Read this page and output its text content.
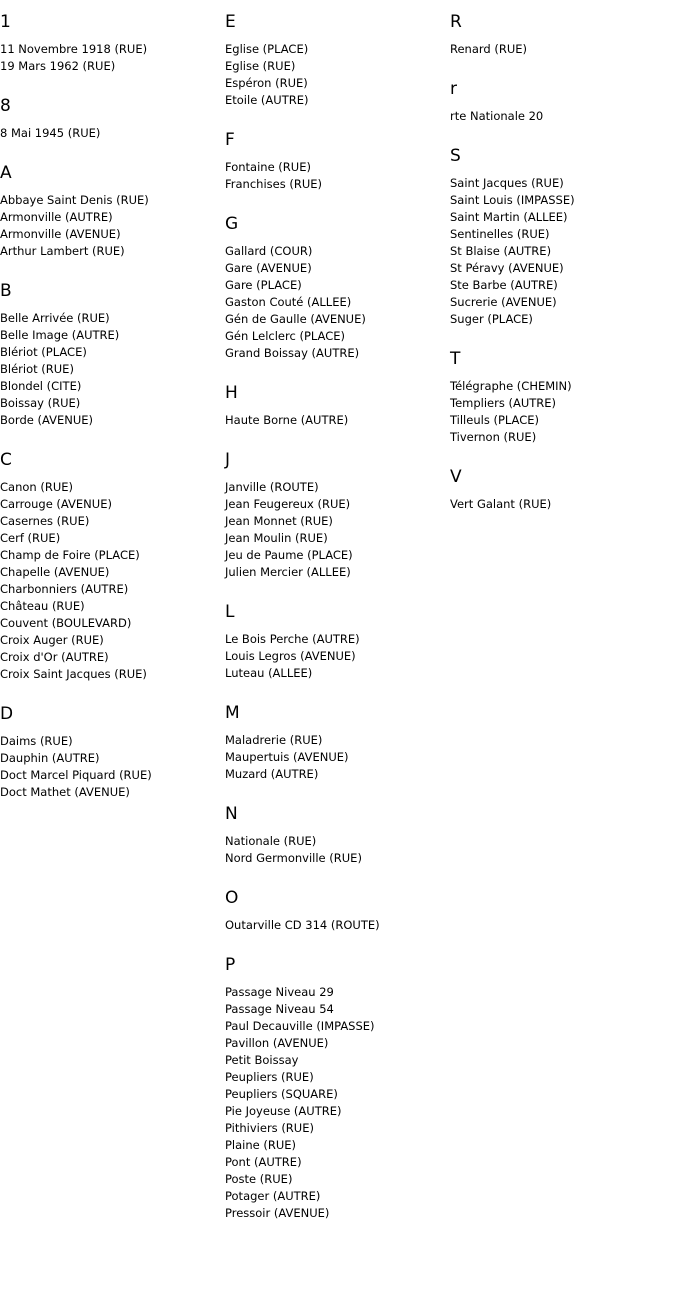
1
11 Novembre 1918 (RUE)
19 Mars 1962 (RUE)
8
8 Mai 1945 (RUE)
A
Abbaye Saint Denis (RUE)
Armonville (AUTRE)
Armonville (AVENUE)
Arthur Lambert (RUE)
B
Belle Arrivée (RUE)
Belle Image (AUTRE)
Blériot (PLACE)
Blériot (RUE)
Blondel (CITE)
Boissay (RUE)
Borde (AVENUE)
C
Canon (RUE)
Carrouge (AVENUE)
Casernes (RUE)
Cerf (RUE)
Champ de Foire (PLACE)
Chapelle (AVENUE)
Charbonniers (AUTRE)
Château (RUE)
Couvent (BOULEVARD)
Croix Auger (RUE)
Croix d'Or (AUTRE)
Croix Saint Jacques (RUE)
D
Daims (RUE)
Dauphin (AUTRE)
Doct Marcel Piquard (RUE)
Doct Mathet (AVENUE)
E
Eglise (PLACE)
Eglise (RUE)
Espéron (RUE)
Etoile (AUTRE)
F
Fontaine (RUE)
Franchises (RUE)
G
Gallard (COUR)
Gare (AVENUE)
Gare (PLACE)
Gaston Couté (ALLEE)
Gén de Gaulle (AVENUE)
Gén Lelclerc (PLACE)
Grand Boissay (AUTRE)
H
Haute Borne (AUTRE)
J
Janville (ROUTE)
Jean Feugereux (RUE)
Jean Monnet (RUE)
Jean Moulin (RUE)
Jeu de Paume (PLACE)
Julien Mercier (ALLEE)
L
Le Bois Perche (AUTRE)
Louis Legros (AVENUE)
Luteau (ALLEE)
M
Maladrerie (RUE)
Maupertuis (AVENUE)
Muzard (AUTRE)
N
Nationale (RUE)
Nord Germonville (RUE)
O
Outarville CD 314 (ROUTE)
P
Passage Niveau 29
Passage Niveau 54
Paul Decauville (IMPASSE)
Pavillon (AVENUE)
Petit Boissay
Peupliers (RUE)
Peupliers (SQUARE)
Pie Joyeuse (AUTRE)
Pithiviers (RUE)
Plaine (RUE)
Pont (AUTRE)
Poste (RUE)
Potager (AUTRE)
Pressoir (AVENUE)
R
Renard (RUE)
r
rte Nationale 20
S
Saint Jacques (RUE)
Saint Louis (IMPASSE)
Saint Martin (ALLEE)
Sentinelles (RUE)
St Blaise (AUTRE)
St Péravy (AVENUE)
Ste Barbe (AUTRE)
Sucrerie (AVENUE)
Suger (PLACE)
T
Télégraphe (CHEMIN)
Templiers (AUTRE)
Tilleuls (PLACE)
Tivernon (RUE)
V
Vert Galant (RUE)
